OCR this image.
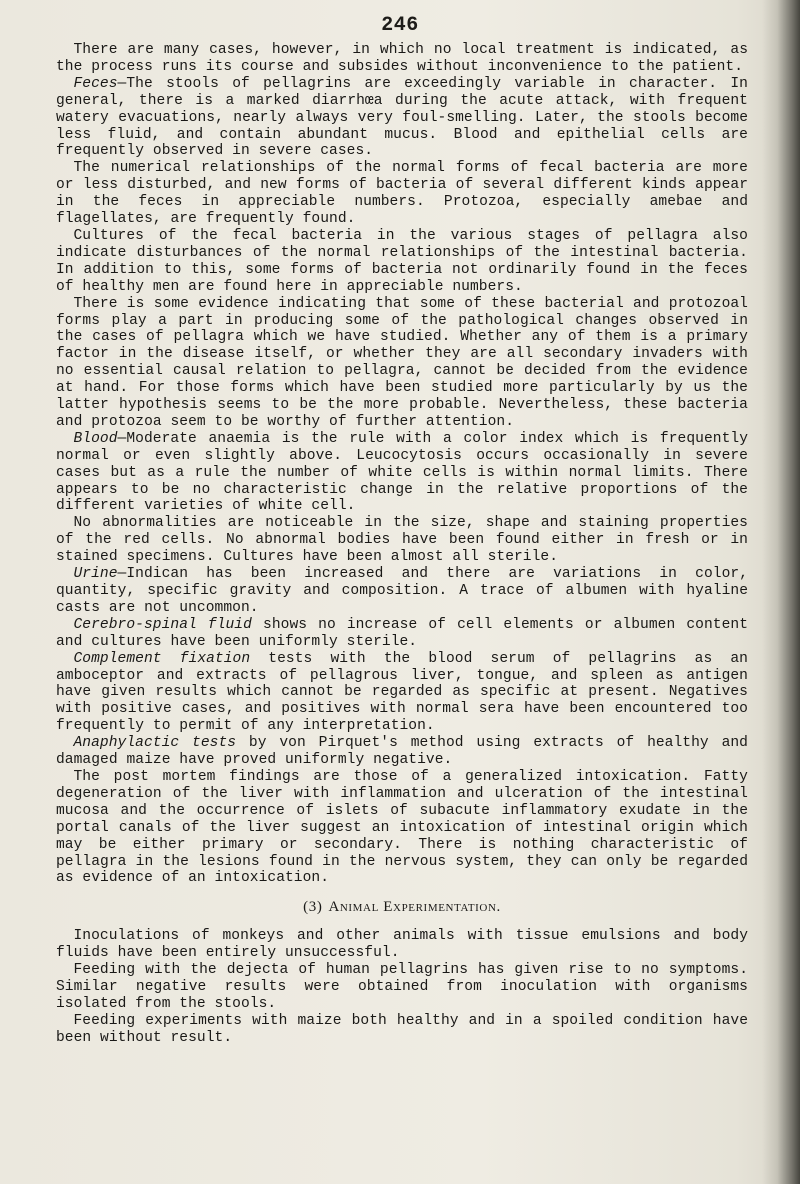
246

There are many cases, however, in which no local treatment is indicated, as the process runs its course and subsides without inconvenience to the patient.

Feces—The stools of pellagrins are exceedingly variable in character. In general, there is a marked diarrhœa during the acute attack, with frequent watery evacuations, nearly always very foul-smelling. Later, the stools become less fluid, and contain abundant mucus. Blood and epithelial cells are frequently observed in severe cases.

The numerical relationships of the normal forms of fecal bacteria are more or less disturbed, and new forms of bacteria of several different kinds appear in the feces in appreciable numbers. Protozoa, especially amebae and flagellates, are frequently found.

Cultures of the fecal bacteria in the various stages of pellagra also indicate disturbances of the normal relationships of the intestinal bacteria. In addition to this, some forms of bacteria not ordinarily found in the feces of healthy men are found here in appreciable numbers.

There is some evidence indicating that some of these bacterial and protozoal forms play a part in producing some of the pathological changes observed in the cases of pellagra which we have studied. Whether any of them is a primary factor in the disease itself, or whether they are all secondary invaders with no essential causal relation to pellagra, cannot be decided from the evidence at hand. For those forms which have been studied more particularly by us the latter hypothesis seems to be the more probable. Nevertheless, these bacteria and protozoa seem to be worthy of further attention.

Blood—Moderate anaemia is the rule with a color index which is frequently normal or even slightly above. Leucocytosis occurs occasionally in severe cases but as a rule the number of white cells is within normal limits. There appears to be no characteristic change in the relative proportions of the different varieties of white cell.

No abnormalities are noticeable in the size, shape and staining properties of the red cells. No abnormal bodies have been found either in fresh or in stained specimens. Cultures have been almost all sterile.

Urine—Indican has been increased and there are variations in color, quantity, specific gravity and composition. A trace of albumen with hyaline casts are not uncommon.

Cerebro-spinal fluid shows no increase of cell elements or albumen content and cultures have been uniformly sterile.

Complement fixation tests with the blood serum of pellagrins as an amboceptor and extracts of pellagrous liver, tongue, and spleen as antigen have given results which cannot be regarded as specific at present. Negatives with positive cases, and positives with normal sera have been encountered too frequently to permit of any interpretation.

Anaphylactic tests by von Pirquet's method using extracts of healthy and damaged maize have proved uniformly negative.

The post mortem findings are those of a generalized intoxication. Fatty degeneration of the liver with inflammation and ulceration of the intestinal mucosa and the occurrence of islets of subacute inflammatory exudate in the portal canals of the liver suggest an intoxication of intestinal origin which may be either primary or secondary. There is nothing characteristic of pellagra in the lesions found in the nervous system, they can only be regarded as evidence of an intoxication.

(3) Animal Experimentation.

Inoculations of monkeys and other animals with tissue emulsions and body fluids have been entirely unsuccessful.

Feeding with the dejecta of human pellagrins has given rise to no symptoms. Similar negative results were obtained from inoculation with organisms isolated from the stools.

Feeding experiments with maize both healthy and in a spoiled condition have been without result.
